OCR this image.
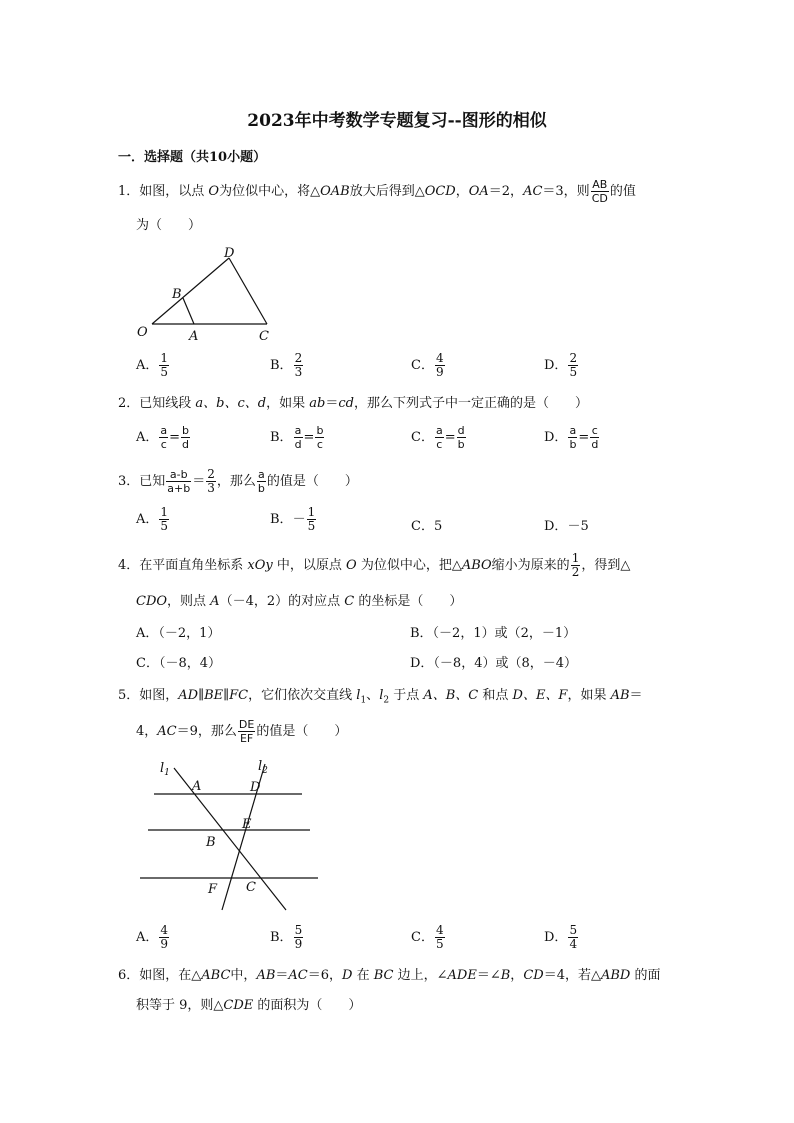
2023年中考数学专题复习--图形的相似
一．选择题（共10小题）
1．如图，以点 O为位似中心，将△OAB放大后得到△OCD，OA＝2，AC＝3，则 $\frac{AB}{CD}$ 的值
为（　　）
O	A
B
C
D
A． $\frac{1}{5}$	B． $\frac{2}{3}$	C． $\frac{4}{9}$	D． $\frac{2}{5}$
2．已知线段 a、b、c、d，如果 ab＝cd，那么下列式子中一定正确的是（　　）
A． $\frac{a}{c} = \frac{b}{d}$	B． $\frac{a}{d} = \frac{b}{c}$	C． $\frac{a}{c} = \frac{d}{b}$	D． $\frac{a}{b} = \frac{c}{d}$
3．已知 $\frac{a-b}{a+b} = \frac{2}{3}$ ，那么 $\frac{a}{b}$ 的值是（　　）
A． $\frac{1}{5}$	B．－ $\frac{1}{5}$	C．5	D．－5
4．在平面直角坐标系 xOy 中，以原点 O 为位似中心，把△ABO缩小为原来的 $\frac{1}{2}$ ，得到△
CDO，则点 A（－4，2）的对应点 C 的坐标是（　　）
A．（－2，1）	B．（－2，1）或（2，－1）
C．（－8，4）	D．（－8，4）或（8，－4）
5．如图，AD∥BE∥FC，它们依次交直线 $l_1$、$l_2$ 于点 A、B、C 和点 D、E、F，如果 AB＝
4，AC＝9，那么 $\frac{DE}{EF}$ 的值是（　　）
$l_1$	$l_2$
A	D
E
B
F C
A． $\frac{4}{9}$	B． $\frac{5}{9}$	C． $\frac{4}{5}$	D． $\frac{5}{4}$
6．如图，在△ABC中，AB＝AC＝6，D 在 BC 边上，∠ADE＝∠B，CD＝4，若△ABD 的面
积等于 9，则△CDE 的面积为（　　）
